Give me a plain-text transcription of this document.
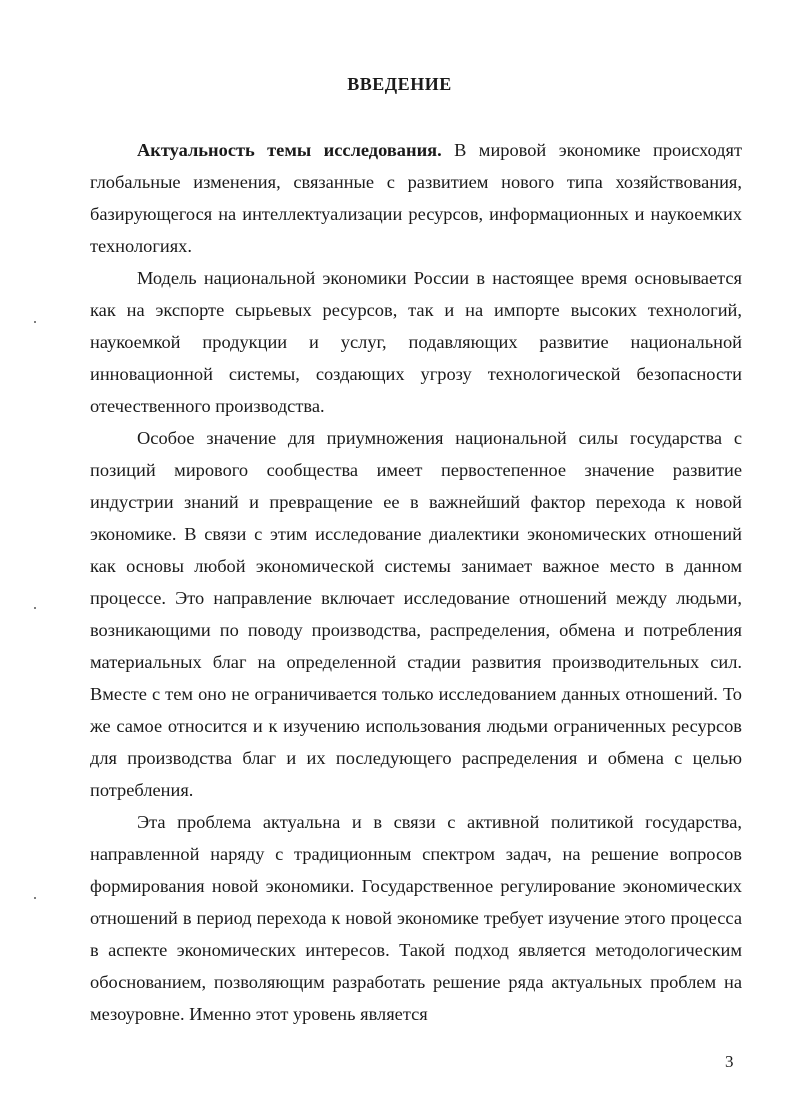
ВВЕДЕНИЕ

Актуальность темы исследования. В мировой экономике происходят глобальные изменения, связанные с развитием нового типа хозяйствования, базирующегося на интеллектуализации ресурсов, информационных и наукоемких технологиях.

Модель национальной экономики России в настоящее время основывается как на экспорте сырьевых ресурсов, так и на импорте высоких технологий, наукоемкой продукции и услуг, подавляющих развитие национальной инновационной системы, создающих угрозу технологической безопасности отечественного производства.

Особое значение для приумножения национальной силы государства с позиций мирового сообщества имеет первостепенное значение развитие индустрии знаний и превращение ее в важнейший фактор перехода к новой экономике. В связи с этим исследование диалектики экономических отношений как основы любой экономической системы занимает важное место в данном процессе. Это направление включает исследование отношений между людьми, возникающими по поводу производства, распределения, обмена и потребления материальных благ на определенной стадии развития производительных сил. Вместе с тем оно не ограничивается только исследованием данных отношений. То же самое относится и к изучению использования людьми ограниченных ресурсов для производства благ и их последующего распределения и обмена с целью потребления.

Эта проблема актуальна и в связи с активной политикой государства, направленной наряду с традиционным спектром задач, на решение вопросов формирования новой экономики. Государственное регулирование экономических отношений в период перехода к новой экономике требует изучение этого процесса в аспекте экономических интересов. Такой подход является методологическим обоснованием, позволяющим разработать решение ряда актуальных проблем на мезоуровне. Именно этот уровень является

3
